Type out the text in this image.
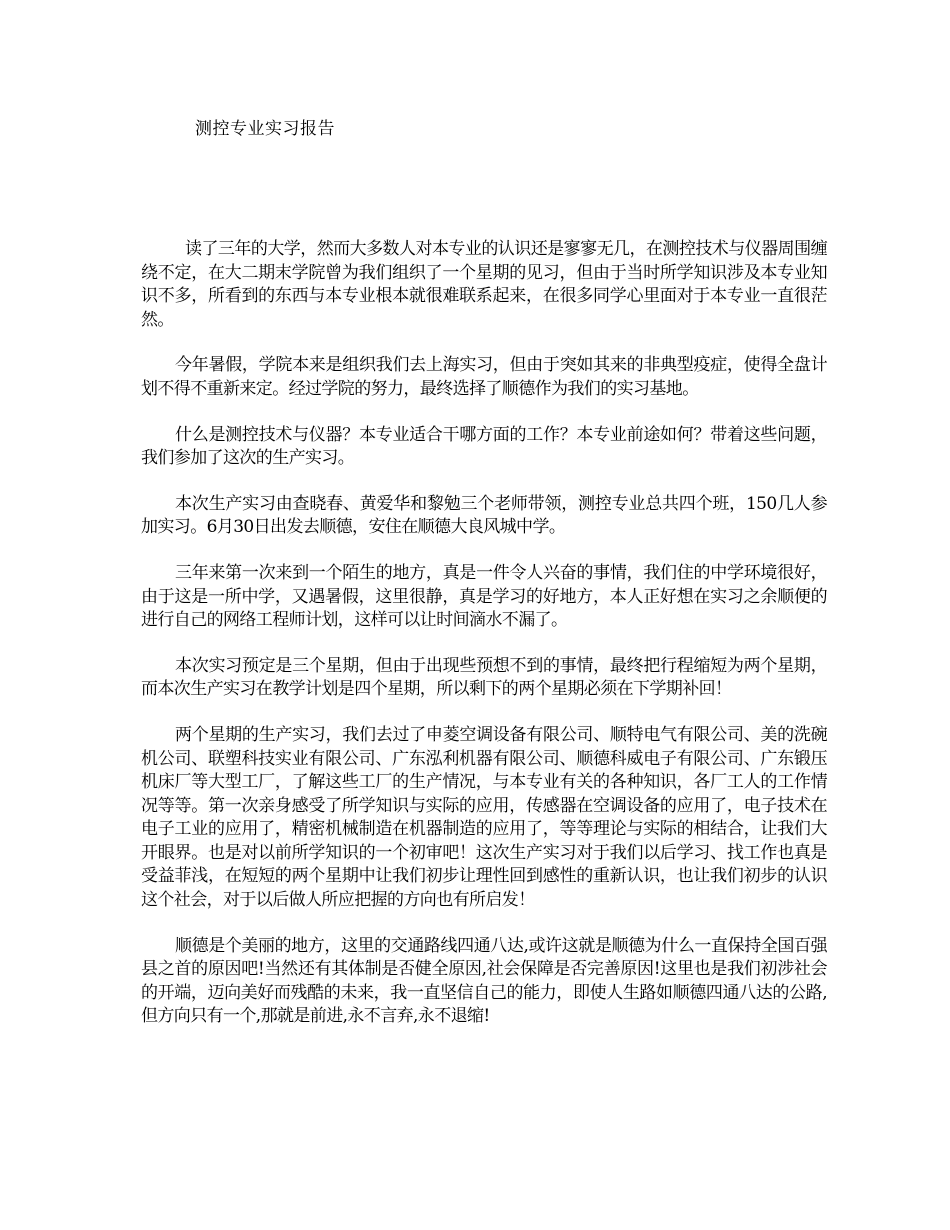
测控专业实习报告

读了三年的大学，然而大多数人对本专业的认识还是寥寥无几，在测控技术与仪器周围缠绕不定，在大二期末学院曾为我们组织了一个星期的见习，但由于当时所学知识涉及本专业知识不多，所看到的东西与本专业根本就很难联系起来，在很多同学心里面对于本专业一直很茫然。

今年暑假，学院本来是组织我们去上海实习，但由于突如其来的非典型疫症，使得全盘计划不得不重新来定。经过学院的努力，最终选择了顺德作为我们的实习基地。

什么是测控技术与仪器？本专业适合干哪方面的工作？本专业前途如何？带着这些问题，我们参加了这次的生产实习。

本次生产实习由查晓春、黄爱华和黎勉三个老师带领，测控专业总共四个班，150几人参加实习。6月30日出发去顺德，安住在顺德大良风城中学。

三年来第一次来到一个陌生的地方，真是一件令人兴奋的事情，我们住的中学环境很好，由于这是一所中学，又遇暑假，这里很静，真是学习的好地方，本人正好想在实习之余顺便的进行自己的网络工程师计划，这样可以让时间滴水不漏了。

本次实习预定是三个星期，但由于出现些预想不到的事情，最终把行程缩短为两个星期，而本次生产实习在教学计划是四个星期，所以剩下的两个星期必须在下学期补回！

两个星期的生产实习，我们去过了申菱空调设备有限公司、顺特电气有限公司、美的洗碗机公司、联塑科技实业有限公司、广东泓利机器有限公司、顺德科威电子有限公司、广东锻压机床厂等大型工厂，了解这些工厂的生产情况，与本专业有关的各种知识，各厂工人的工作情况等等。第一次亲身感受了所学知识与实际的应用，传感器在空调设备的应用了，电子技术在电子工业的应用了，精密机械制造在机器制造的应用了，等等理论与实际的相结合，让我们大开眼界。也是对以前所学知识的一个初审吧！这次生产实习对于我们以后学习、找工作也真是受益菲浅，在短短的两个星期中让我们初步让理性回到感性的重新认识，也让我们初步的认识这个社会，对于以后做人所应把握的方向也有所启发！

顺德是个美丽的地方，这里的交通路线四通八达,或许这就是顺德为什么一直保持全国百强县之首的原因吧!当然还有其体制是否健全原因,社会保障是否完善原因!这里也是我们初涉社会的开端，迈向美好而残酷的未来，我一直坚信自己的能力，即使人生路如顺德四通八达的公路,但方向只有一个,那就是前进,永不言弃,永不退缩!
